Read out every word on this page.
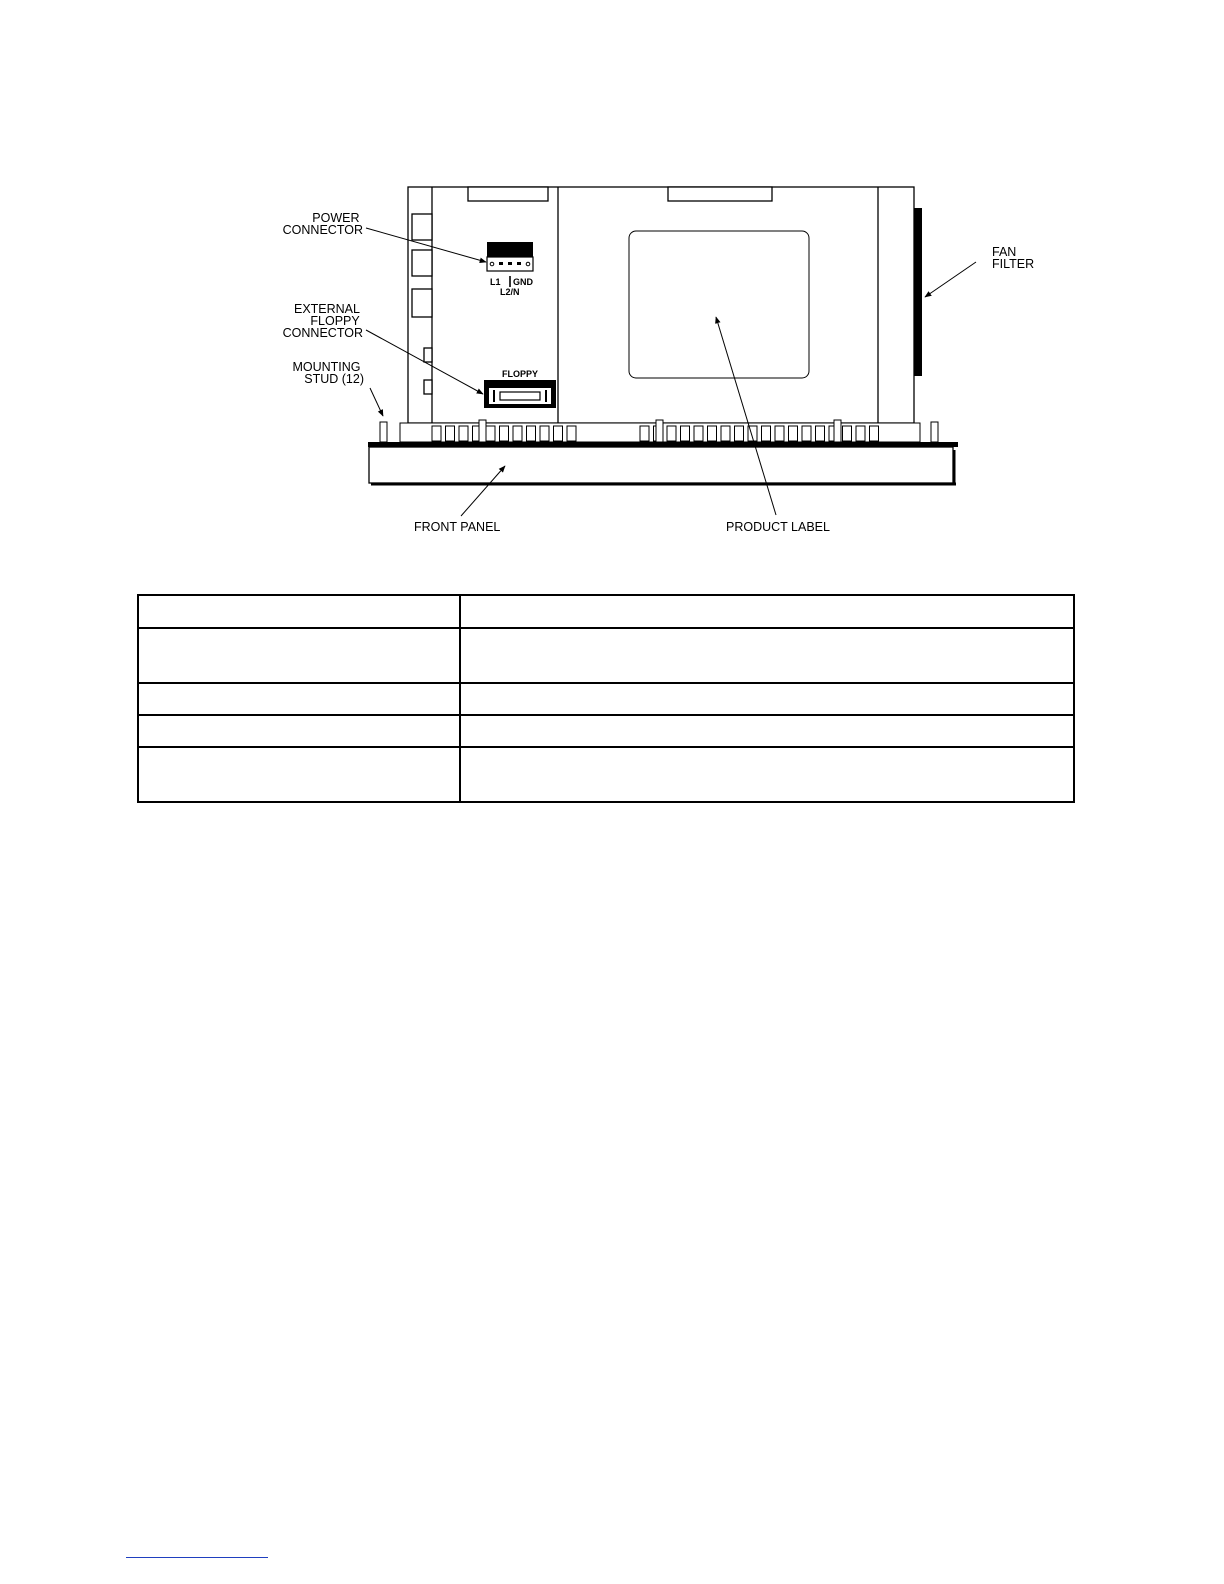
L1 GND
L2/N
FLOPPY
POWER CONNECTOR
EXTERNAL FLOPPY CONNECTOR
MOUNTING STUD (12)
FAN FILTER
FRONT PANEL	PRODUCT LABEL
